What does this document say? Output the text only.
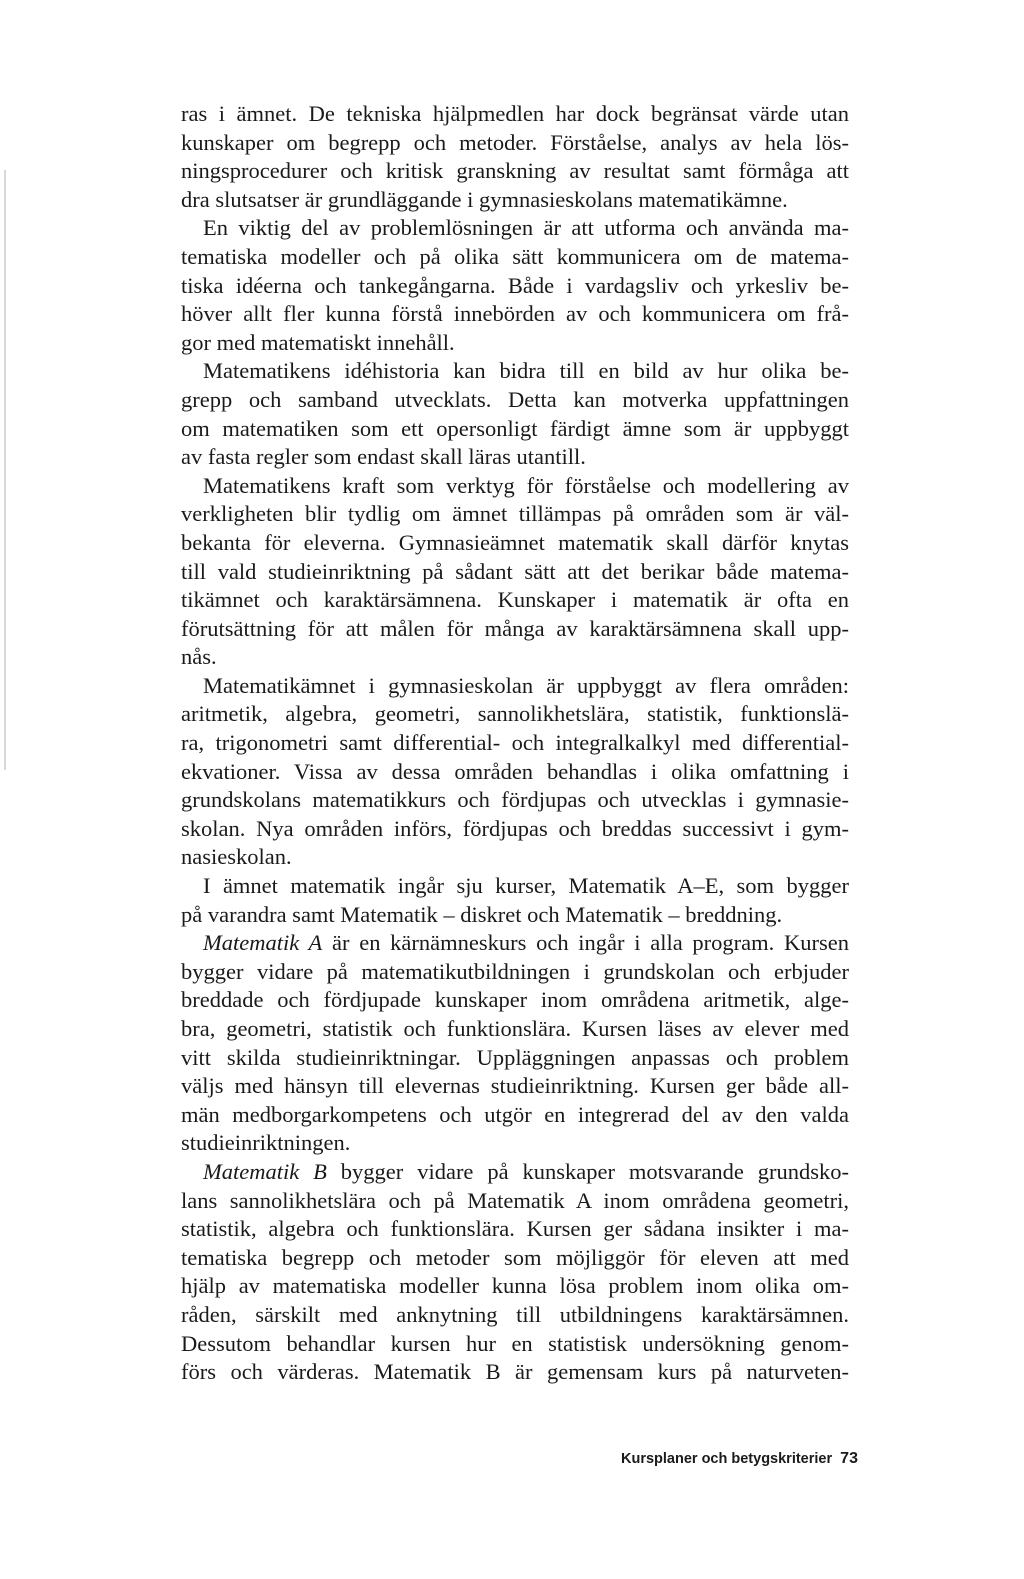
ras i ämnet. De tekniska hjälpmedlen har dock begränsat värde utan
kunskaper om begrepp och metoder. Förståelse, analys av hela lös-
ningsprocedurer och kritisk granskning av resultat samt förmåga att
dra slutsatser är grundläggande i gymnasieskolans matematikämne.
En viktig del av problemlösningen är att utforma och använda ma-
tematiska modeller och på olika sätt kommunicera om de matema-
tiska idéerna och tankegångarna. Både i vardagsliv och yrkesliv be-
höver allt fler kunna förstå innebörden av och kommunicera om frå-
gor med matematiskt innehåll.
Matematikens idéhistoria kan bidra till en bild av hur olika be-
grepp och samband utvecklats. Detta kan motverka uppfattningen
om matematiken som ett opersonligt färdigt ämne som är uppbyggt
av fasta regler som endast skall läras utantill.
Matematikens kraft som verktyg för förståelse och modellering av
verkligheten blir tydlig om ämnet tillämpas på områden som är väl-
bekanta för eleverna. Gymnasieämnet matematik skall därför knytas
till vald studieinriktning på sådant sätt att det berikar både matema-
tikämnet och karaktärsämnena. Kunskaper i matematik är ofta en
förutsättning för att målen för många av karaktärsämnena skall upp-
nås.
Matematikämnet i gymnasieskolan är uppbyggt av flera områden:
aritmetik, algebra, geometri, sannolikhetslära, statistik, funktionslä-
ra, trigonometri samt differential- och integralkalkyl med differential-
ekvationer. Vissa av dessa områden behandlas i olika omfattning i
grundskolans matematikkurs och fördjupas och utvecklas i gymnasie-
skolan. Nya områden införs, fördjupas och breddas successivt i gym-
nasieskolan.
I ämnet matematik ingår sju kurser, Matematik A–E, som bygger
på varandra samt Matematik – diskret och Matematik – breddning.
Matematik A är en kärnämneskurs och ingår i alla program. Kursen
bygger vidare på matematikutbildningen i grundskolan och erbjuder
breddade och fördjupade kunskaper inom områdena aritmetik, alge-
bra, geometri, statistik och funktionslära. Kursen läses av elever med
vitt skilda studieinriktningar. Uppläggningen anpassas och problem
väljs med hänsyn till elevernas studieinriktning. Kursen ger både all-
män medborgarkompetens och utgör en integrerad del av den valda
studieinriktningen.
Matematik B bygger vidare på kunskaper motsvarande grundsko-
lans sannolikhetslära och på Matematik A inom områdena geometri,
statistik, algebra och funktionslära. Kursen ger sådana insikter i ma-
tematiska begrepp och metoder som möjliggör för eleven att med
hjälp av matematiska modeller kunna lösa problem inom olika om-
råden, särskilt med anknytning till utbildningens karaktärsämnen.
Dessutom behandlar kursen hur en statistisk undersökning genom-
förs och värderas. Matematik B är gemensam kurs på naturveten-
Kursplaner och betygskriterier 73
